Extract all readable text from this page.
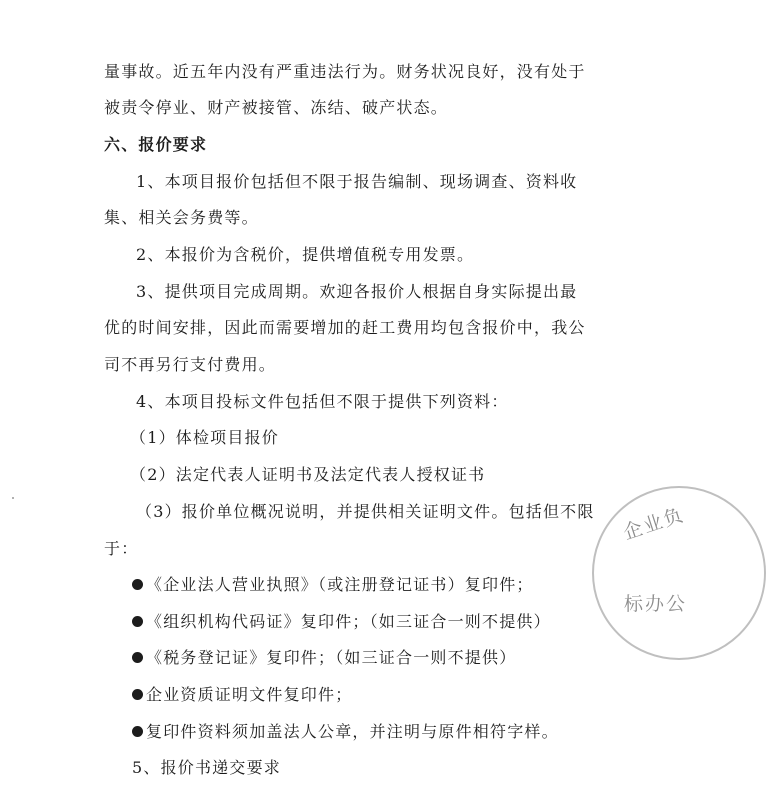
量事故。近五年内没有严重违法行为。财务状况良好，没有处于
被责令停业、财产被接管、冻结、破产状态。
六、报价要求
1、本项目报价包括但不限于报告编制、现场调查、资料收
集、相关会务费等。
2、本报价为含税价，提供增值税专用发票。
3、提供项目完成周期。欢迎各报价人根据自身实际提出最
优的时间安排，因此而需要增加的赶工费用均包含报价中，我公
司不再另行支付费用。
4、本项目投标文件包括但不限于提供下列资料：
（1）体检项目报价
（2）法定代表人证明书及法定代表人授权证书
（3）报价单位概况说明，并提供相关证明文件。包括但不限
于：
《企业法人营业执照》（或注册登记证书）复印件；
《组织机构代码证》复印件；（如三证合一则不提供）
《税务登记证》复印件；（如三证合一则不提供）
企业资质证明文件复印件；
复印件资料须加盖法人公章，并注明与原件相符字样。
5、报价书递交要求
企业负
标办公
